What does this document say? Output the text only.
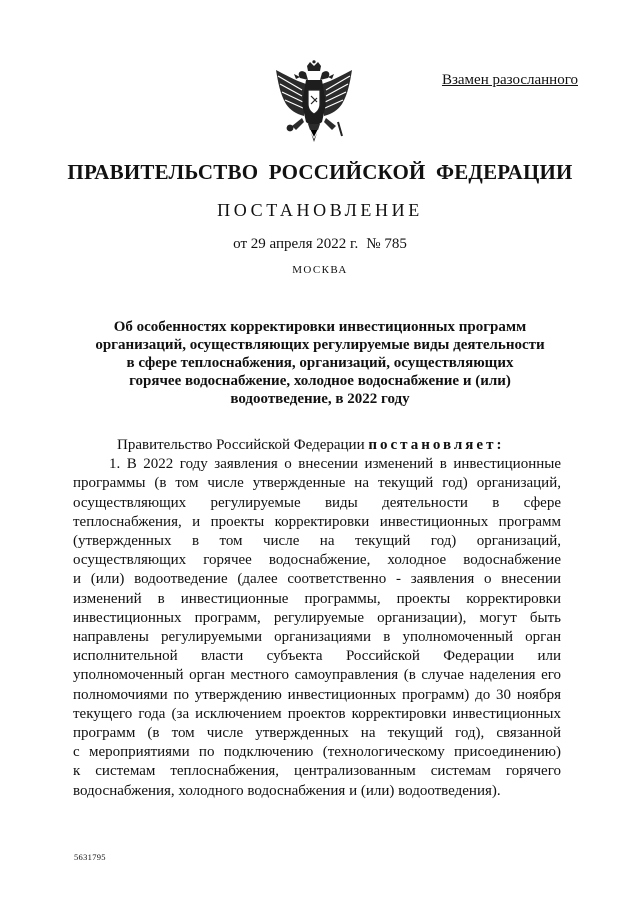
Взамен разосланного
ПРАВИТЕЛЬСТВО РОССИЙСКОЙ ФЕДЕРАЦИИ
ПОСТАНОВЛЕНИЕ
от 29 апреля 2022 г. № 785
МОСКВА
Об особенностях корректировки инвестиционных программ
организаций, осуществляющих регулируемые виды деятельности
в сфере теплоснабжения, организаций, осуществляющих
горячее водоснабжение, холодное водоснабжение и (или)
водоотведение, в 2022 году
Правительство Российской Федерации постановляет:
1. В 2022 году заявления о внесении изменений в инвестиционные
программы (в том числе утвержденные на текущий год) организаций,
осуществляющих регулируемые виды деятельности в сфере
теплоснабжения, и проекты корректировки инвестиционных программ
(утвержденных в том числе на текущий год) организаций,
осуществляющих горячее водоснабжение, холодное водоснабжение
и (или) водоотведение (далее соответственно - заявления о внесении
изменений в инвестиционные программы, проекты корректировки
инвестиционных программ, регулируемые организации), могут быть
направлены регулируемыми организациями в уполномоченный орган
исполнительной власти субъекта Российской Федерации или
уполномоченный орган местного самоуправления (в случае наделения его
полномочиями по утверждению инвестиционных программ) до 30 ноября
текущего года (за исключением проектов корректировки инвестиционных
программ (в том числе утвержденных на текущий год), связанной
с мероприятиями по подключению (технологическому присоединению)
к системам теплоснабжения, централизованным системам горячего
водоснабжения, холодного водоснабжения и (или) водоотведения).
5631795
